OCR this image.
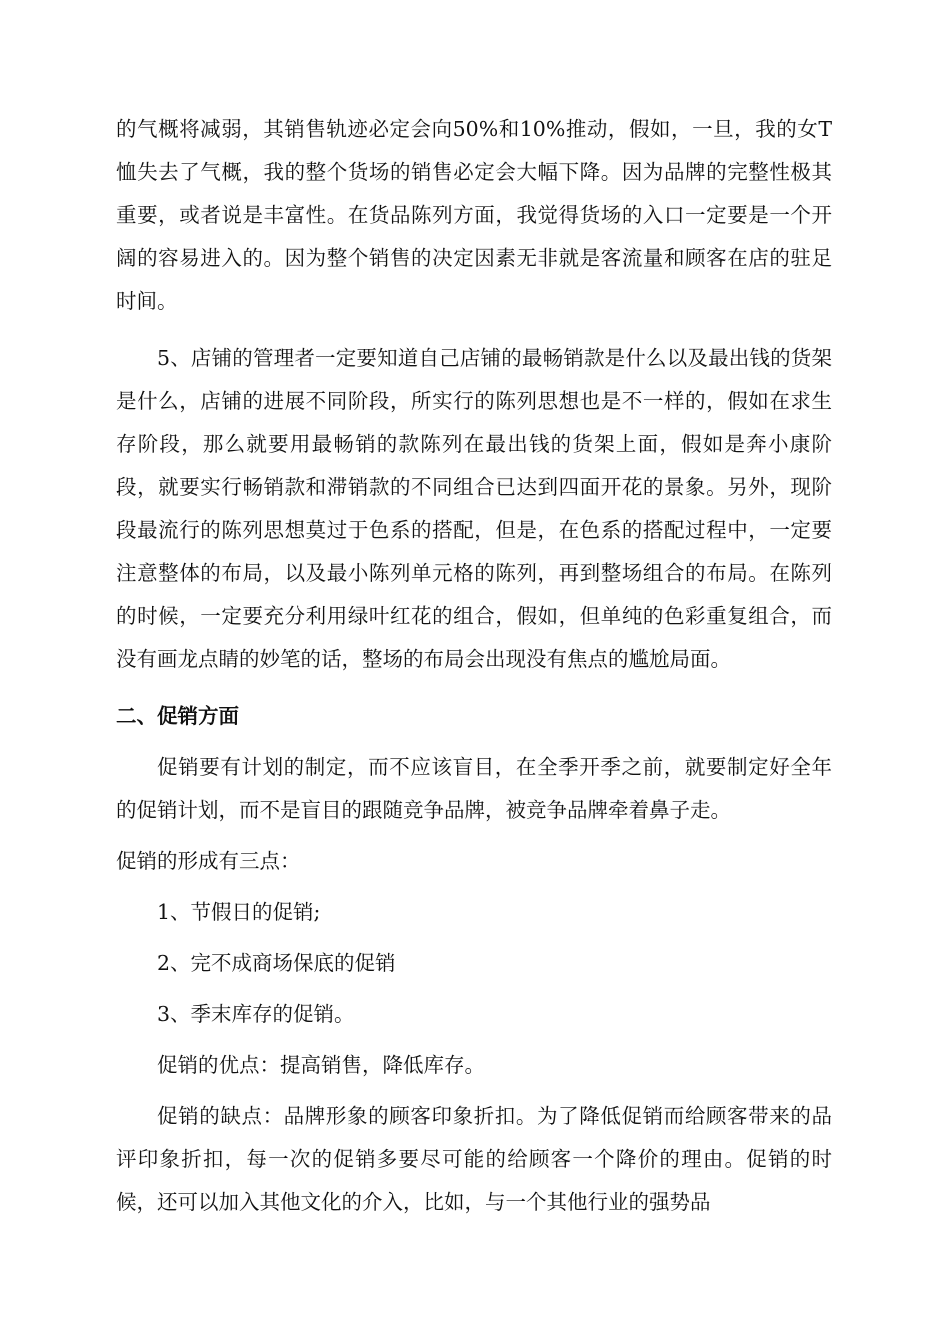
的气概将减弱，其销售轨迹必定会向50%和10%推动，假如，一旦，我的女T恤失去了气概，我的整个货场的销售必定会大幅下降。因为品牌的完整性极其重要，或者说是丰富性。在货品陈列方面，我觉得货场的入口一定要是一个开阔的容易进入的。因为整个销售的决定因素无非就是客流量和顾客在店的驻足时间。

5、店铺的管理者一定要知道自己店铺的最畅销款是什么以及最出钱的货架是什么，店铺的进展不同阶段，所实行的陈列思想也是不一样的，假如在求生存阶段，那么就要用最畅销的款陈列在最出钱的货架上面，假如是奔小康阶段，就要实行畅销款和滞销款的不同组合已达到四面开花的景象。另外，现阶段最流行的陈列思想莫过于色系的搭配，但是，在色系的搭配过程中，一定要注意整体的布局，以及最小陈列单元格的陈列，再到整场组合的布局。在陈列的时候，一定要充分利用绿叶红花的组合，假如，但单纯的色彩重复组合，而没有画龙点睛的妙笔的话，整场的布局会出现没有焦点的尴尬局面。

二、促销方面

促销要有计划的制定，而不应该盲目，在全季开季之前，就要制定好全年的促销计划，而不是盲目的跟随竞争品牌，被竞争品牌牵着鼻子走。

促销的形成有三点：

1、节假日的促销;

2、完不成商场保底的促销

3、季末库存的促销。

促销的优点：提高销售，降低库存。

促销的缺点：品牌形象的顾客印象折扣。为了降低促销而给顾客带来的品评印象折扣，每一次的促销多要尽可能的给顾客一个降价的理由。促销的时候，还可以加入其他文化的介入，比如，与一个其他行业的强势品
